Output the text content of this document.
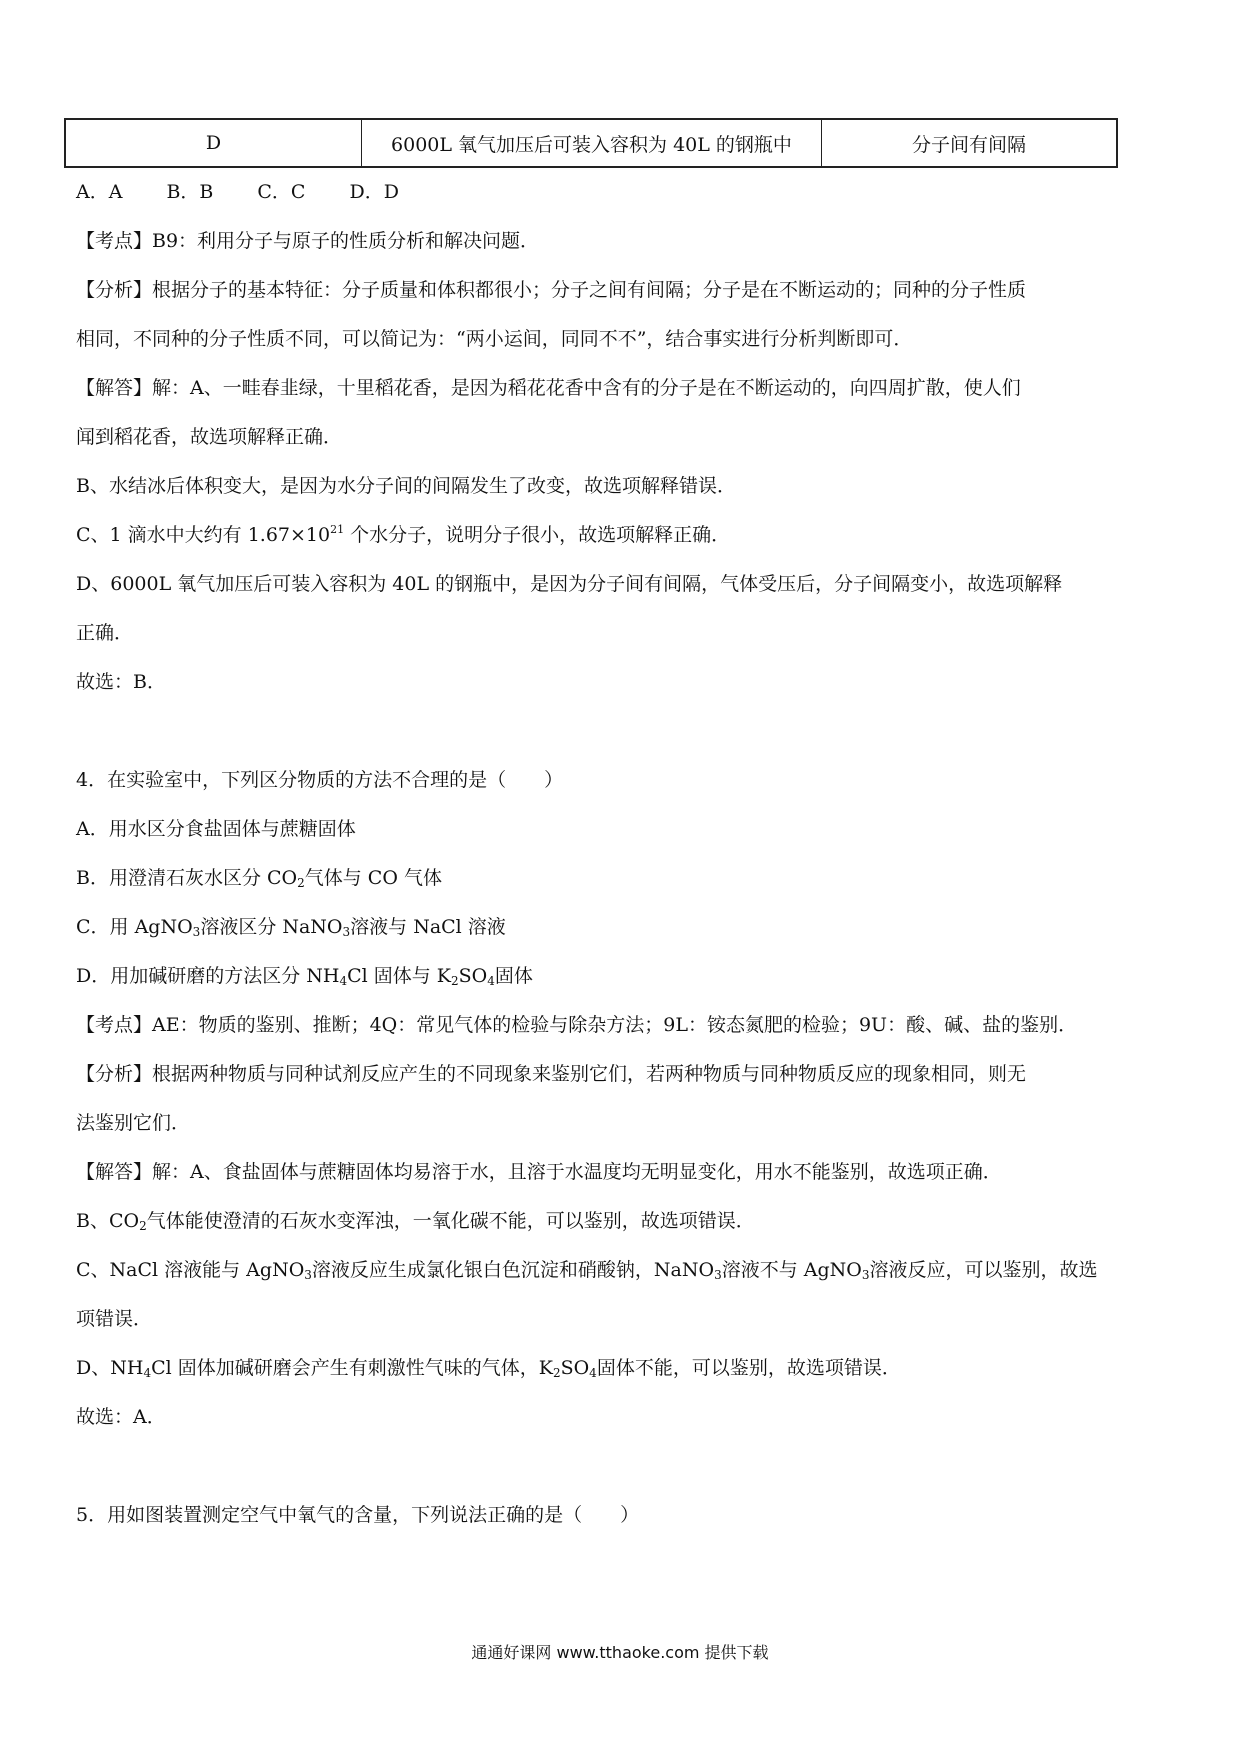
D	6000L 氧气加压后可装入容积为 40L 的钢瓶中	分子间有间隔
A．A B．B C．C D．D
【考点】B9：利用分子与原子的性质分析和解决问题．
【分析】根据分子的基本特征：分子质量和体积都很小；分子之间有间隔；分子是在不断运动的；同种的分子性质
相同，不同种的分子性质不同，可以简记为：“两小运间，同同不不”，结合事实进行分析判断即可．
【解答】解：A、一畦春韭绿，十里稻花香，是因为稻花花香中含有的分子是在不断运动的，向四周扩散，使人们
闻到稻花香，故选项解释正确．
B、水结冰后体积变大，是因为水分子间的间隔发生了改变，故选项解释错误．
C、1 滴水中大约有 $1.67\times 10^{21}$ 个水分子，说明分子很小，故选项解释正确．
D、6000L 氧气加压后可装入容积为 40L 的钢瓶中，是因为分子间有间隔，气体受压后，分子间隔变小，故选项解释
正确．
故选：B．
4．在实验室中，下列区分物质的方法不合理的是（　　）
A．用水区分食盐固体与蔗糖固体
B．用澄清石灰水区分 $CO_2$气体与 CO 气体
C．用 AgNO$_3$溶液区分 NaNO$_3$溶液与 NaCl 溶液
D．用加碱研磨的方法区分 $NH_4Cl$ 固体与 $K_2SO_4$固体
【考点】AE：物质的鉴别、推断；4Q：常见气体的检验与除杂方法；9L：铵态氮肥的检验；9U：酸、碱、盐的鉴别．
【分析】根据两种物质与同种试剂反应产生的不同现象来鉴别它们，若两种物质与同种物质反应的现象相同，则无
法鉴别它们．
【解答】解：A、食盐固体与蔗糖固体均易溶于水，且溶于水温度均无明显变化，用水不能鉴别，故选项正确．
B、$CO_2$气体能使澄清的石灰水变浑浊，一氧化碳不能，可以鉴别，故选项错误．
C、NaCl 溶液能与 AgNO$_3$溶液反应生成氯化银白色沉淀和硝酸钠，NaNO$_3$溶液不与 AgNO$_3$溶液反应，可以鉴别，故选
项错误．
D、$NH_4Cl$ 固体加碱研磨会产生有刺激性气味的气体，$K_2SO_4$固体不能，可以鉴别，故选项错误．
故选：A．
5．用如图装置测定空气中氧气的含量，下列说法正确的是（　　）
通通好课网 www.tthaoke.com 提供下载
